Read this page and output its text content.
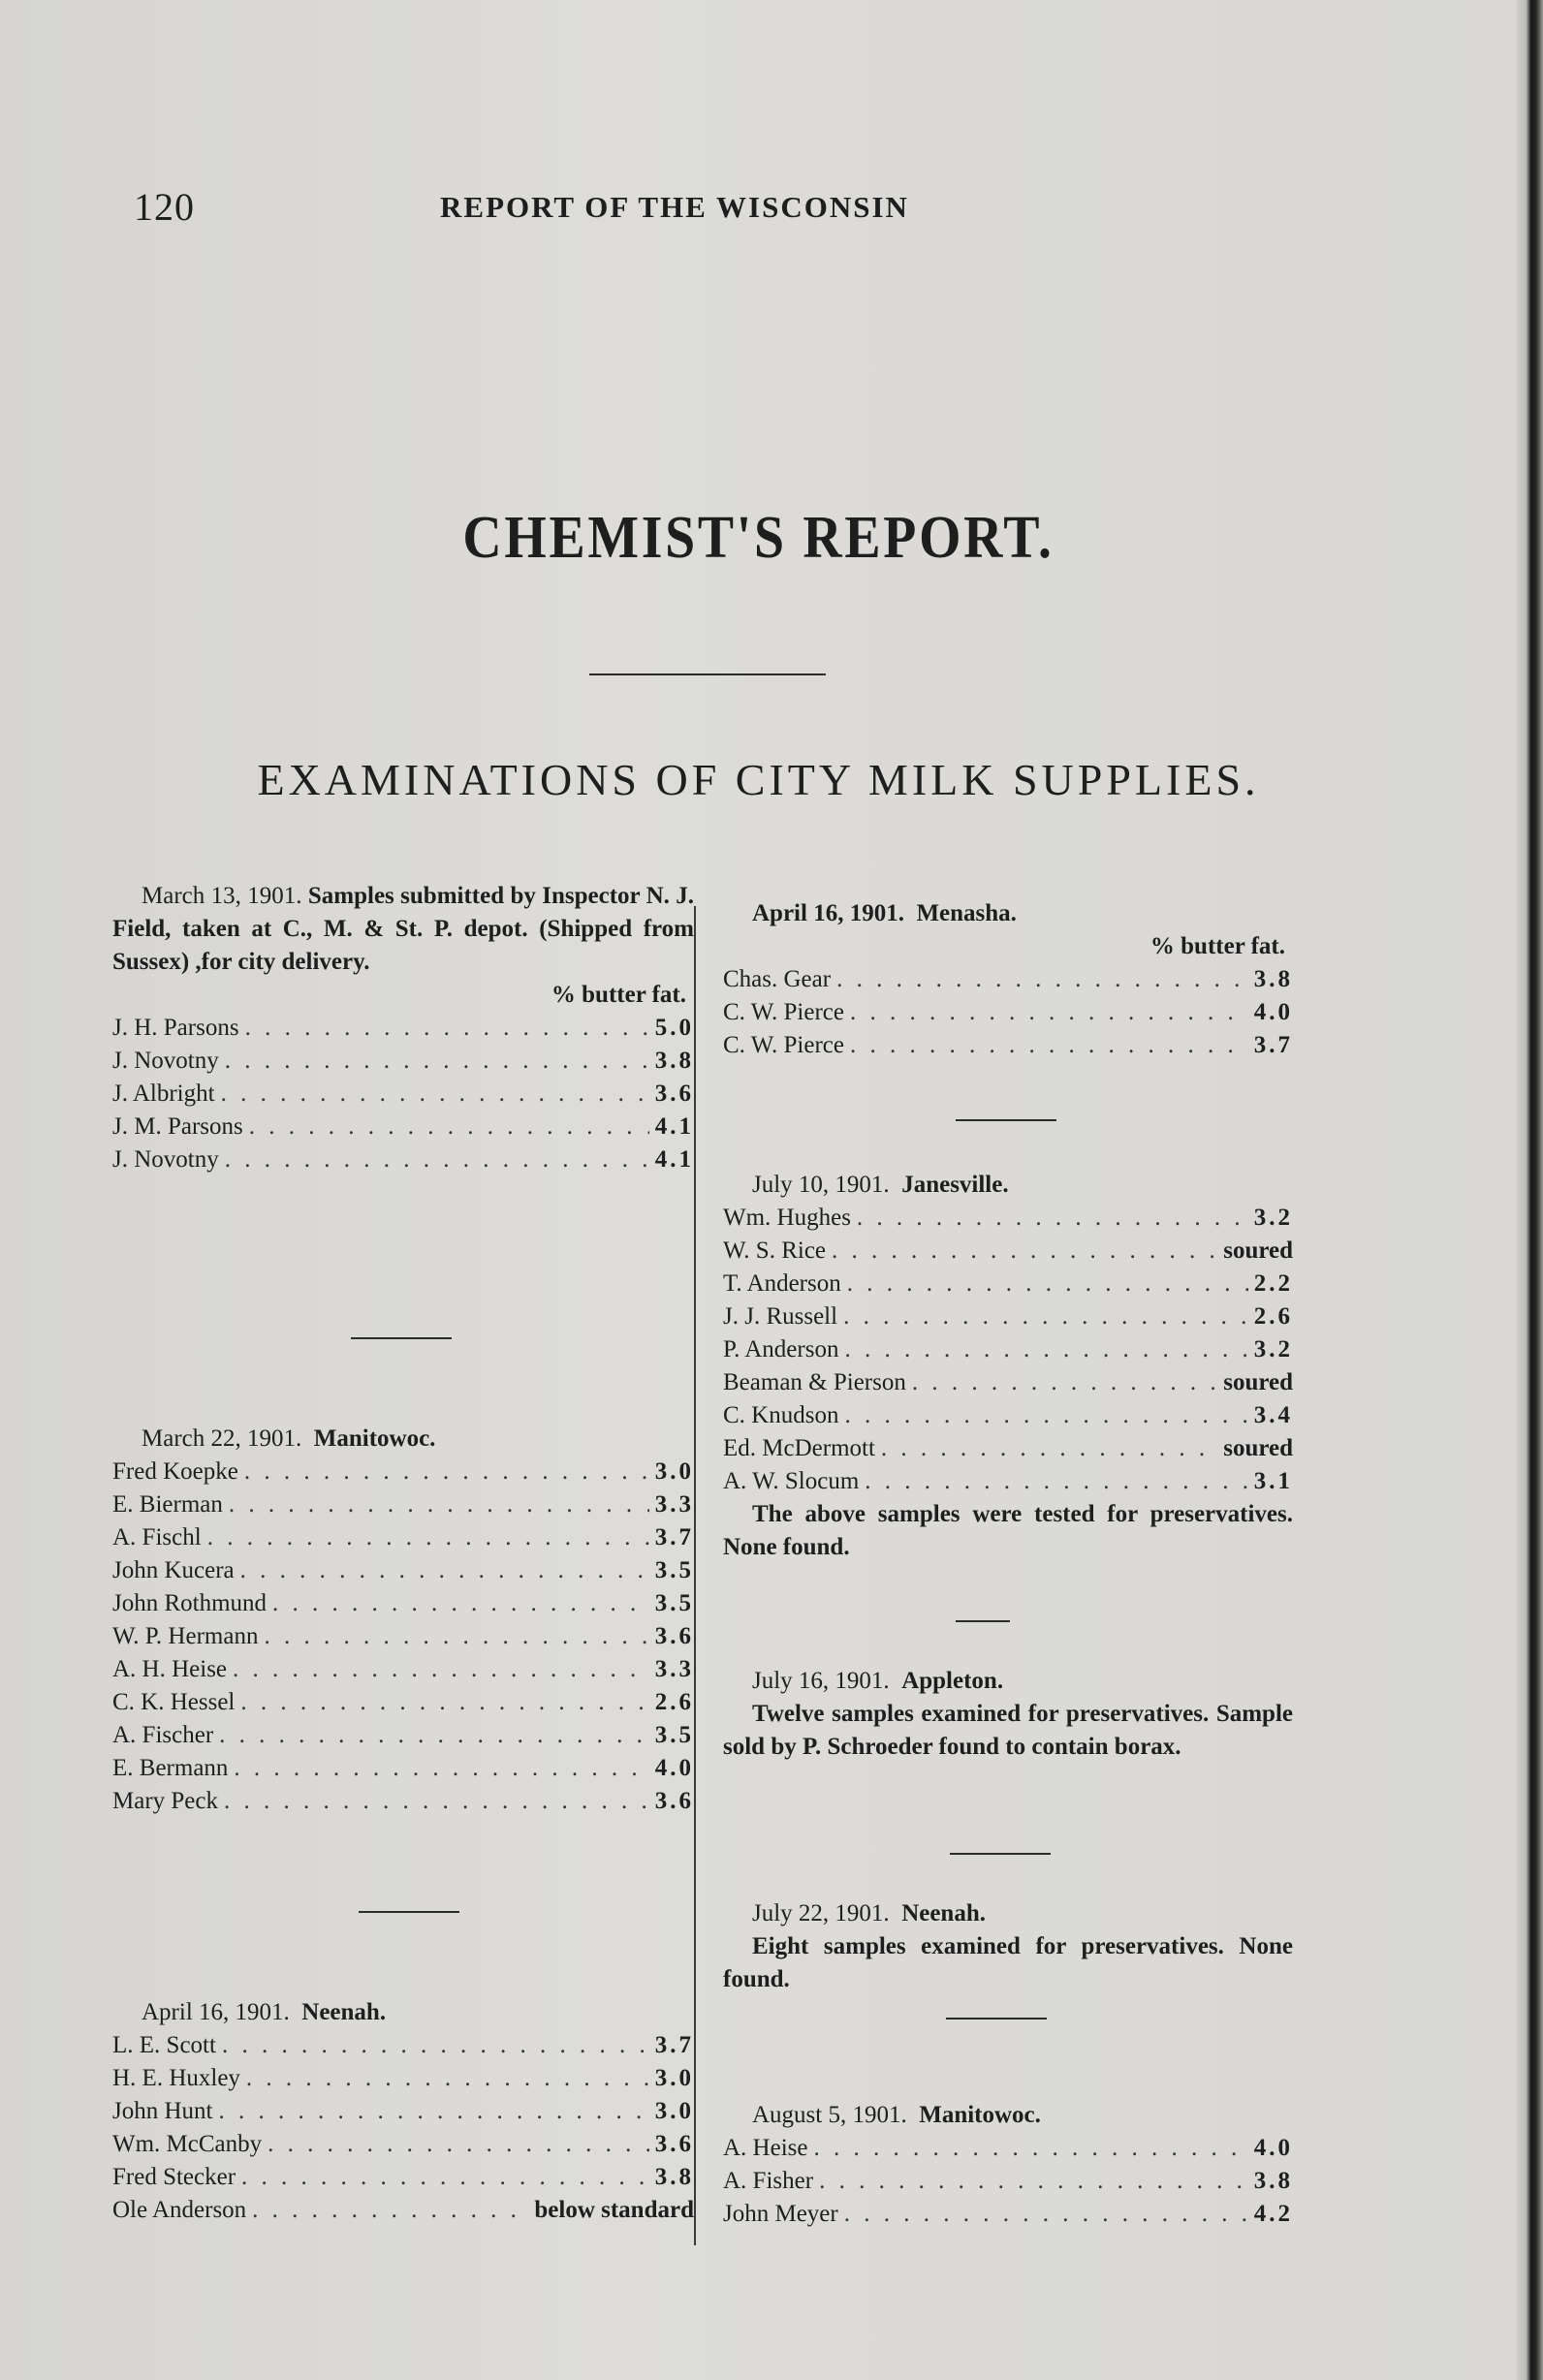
120	REPORT OF THE WISCONSIN
CHEMIST'S REPORT.
EXAMINATIONS OF CITY MILK SUPPLIES.
March 13, 1901. Samples submitted by Inspector N. J. Field, taken at C., M. & St. P. depot. (Shipped from Sussex) ,for city delivery.
% butter fat.
J. H. Parsons . . .	5.0
J. Novotny . . .	3.8
J. Albright . . .	3.6
J. M. Parsons . . .	4.1
J. Novotny . . .	4.1
March 22, 1901. Manitowoc.
Fred Koepke . . .	3.0
E. Bierman . . .	3.3
A. Fischl . . .	3.7
John Kucera . . .	3.5
John Rothmund . . .	3.5
W. P. Hermann . . .	3.6
A. H. Heise . . .	3.3
C. K. Hessel . . .	2.6
A. Fischer . . .	3.5
E. Bermann . . .	4.0
Mary Peck . . .	3.6
April 16, 1901. Neenah.
L. E. Scott . . .	3.7
H. E. Huxley . . .	3.0
John Hunt . . .	3.0
Wm. McCanby . . .	3.6
Fred Stecker . . .	3.8
Ole Anderson . . .	below standard
April 16, 1901. Menasha.
% butter fat.
Chas. Gear . . .	3.8
C. W. Pierce . . .	4.0
C. W. Pierce . . .	3.7
July 10, 1901. Janesville.
Wm. Hughes . . .	3.2
W. S. Rice . . .	soured
T. Anderson . . .	2.2
J. J. Russell . . .	2.6
P. Anderson . . .	3.2
Beaman & Pierson . . .	soured
C. Knudson . . .	3.4
Ed. McDermott . . .	soured
A. W. Slocum . . .	3.1
The above samples were tested for preservatives. None found.
July 16, 1901. Appleton.
Twelve samples examined for preservatives. Sample sold by P. Schroeder found to contain borax.
July 22, 1901. Neenah.
Eight samples examined for preservatives. None found.
August 5, 1901. Manitowoc.
A. Heise . . .	4.0
A. Fisher . . .	3.8
John Meyer . . .	4.2
